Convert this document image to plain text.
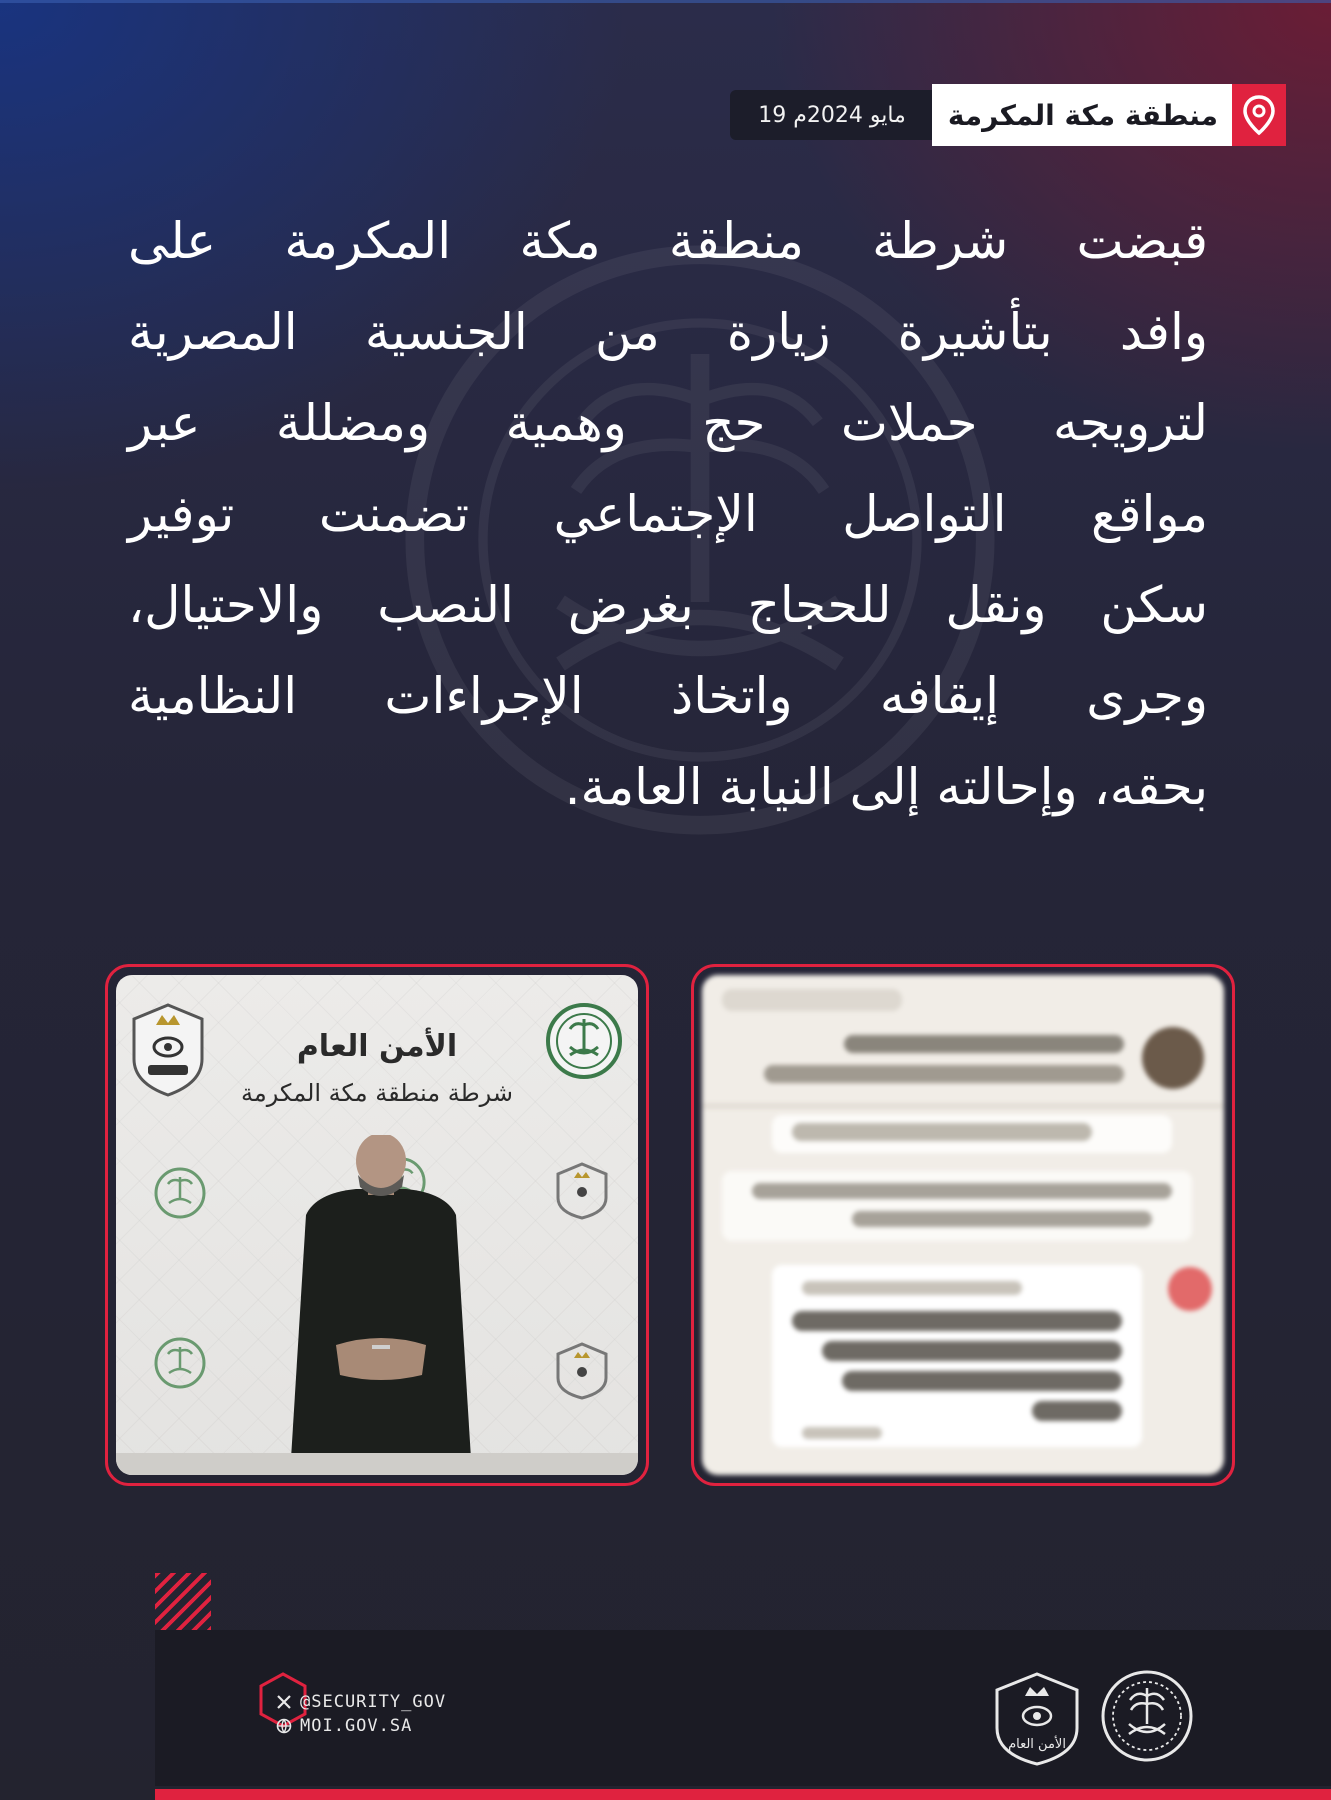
19 مايو 2024م	منطقة مكة المكرمة

قبضت شرطة منطقة مكة المكرمة على
وافد بتأشيرة زيارة من الجنسية المصرية
لترويجه حملات حج وهمية ومضللة عبر
مواقع التواصل الإجتماعي تضمنت توفير
سكن ونقل للحجاج بغرض النصب والاحتيال،
وجرى إيقافه واتخاذ الإجراءات النظامية
بحقه، وإحالته إلى النيابة العامة.

الأمن العام
شرطة منطقة مكة المكرمة
@SECURITY_GOV
MOI.GOV.SA
الأمن العام
